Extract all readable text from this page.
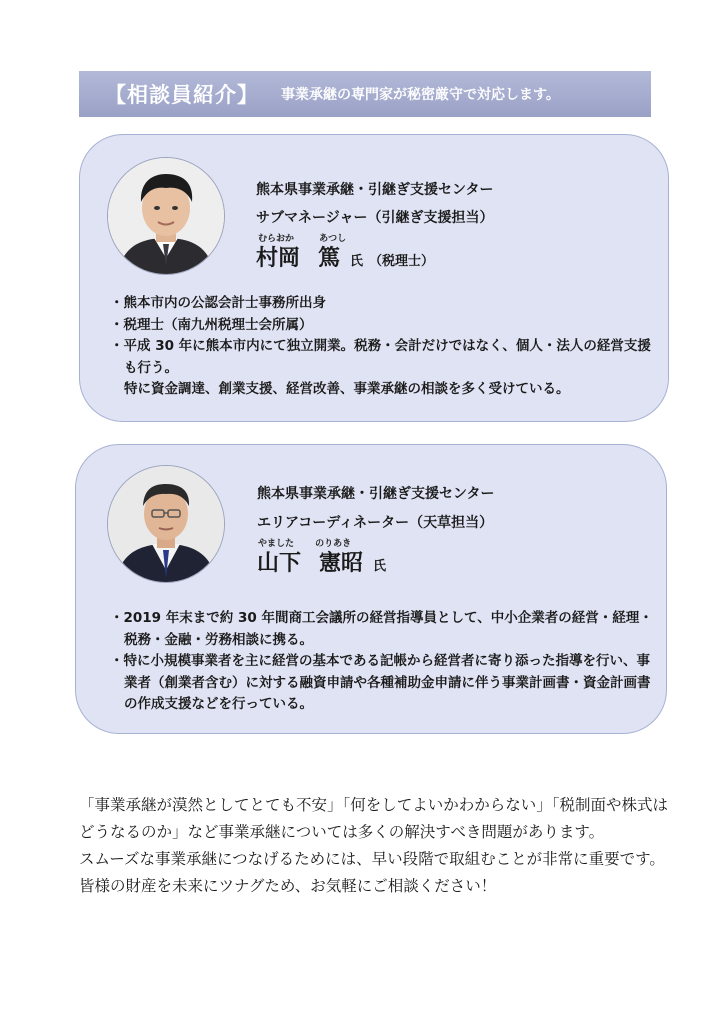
【相談員紹介】 事業承継の専門家が秘密厳守で対応します。
熊本県事業承継・引継ぎ支援センター
サブマネージャー（引継ぎ支援担当）
むらおか	あつし
村岡 篤 氏 （税理士）
・熊本市内の公認会計士事務所出身
・税理士（南九州税理士会所属）
・平成 30 年に熊本市内にて独立開業。税務・会計だけではなく、個人・法人の経営支援も行う。
特に資金調達、創業支援、経営改善、事業承継の相談を多く受けている。
熊本県事業承継・引継ぎ支援センター
エリアコーディネーター（天草担当）
やました のりあき
山下 憲昭 氏
・2019 年末まで約 30 年間商工会議所の経営指導員として、中小企業者の経営・経理・税務・金融・労務相談に携る。
・特に小規模事業者を主に経営の基本である記帳から経営者に寄り添った指導を行い、事業者（創業者含む）に対する融資申請や各種補助金申請に伴う事業計画書・資金計画書の作成支援などを行っている。

「事業承継が漠然としてとても不安」「何をしてよいかわからない」「税制面や株式はどうなるのか」など事業承継については多くの解決すべき問題があります。

スムーズな事業承継につなげるためには、早い段階で取組むことが非常に重要です。

皆様の財産を未来にツナグため、お気軽にご相談ください！
